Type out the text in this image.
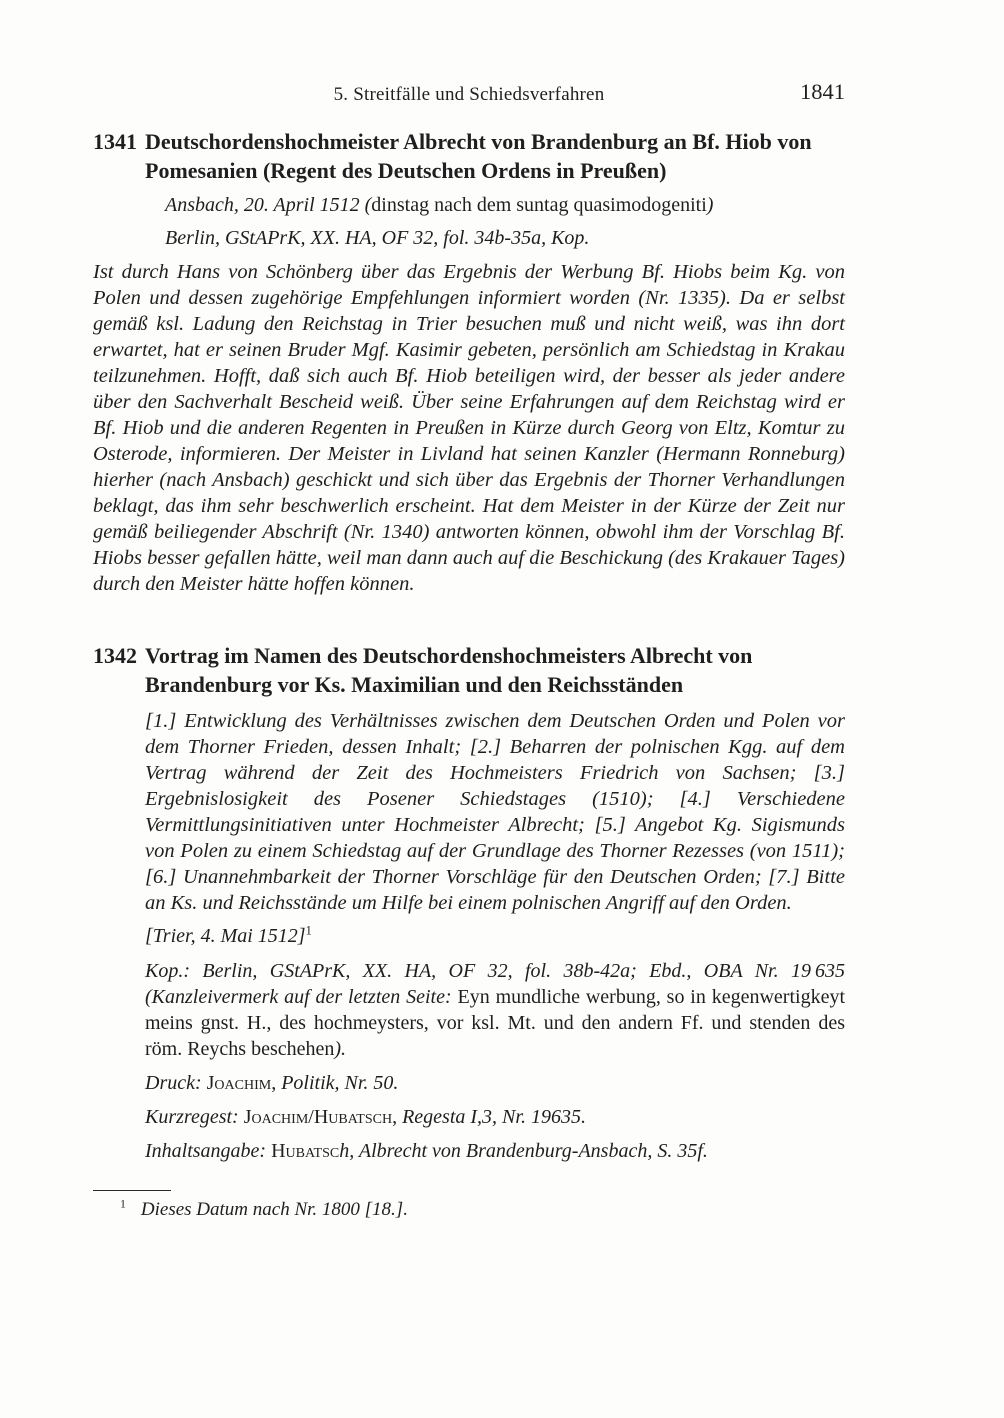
5. Streitfälle und Schiedsverfahren	1841
1341 Deutschordenshochmeister Albrecht von Brandenburg an Bf. Hiob von Pomesanien (Regent des Deutschen Ordens in Preußen)

Ansbach, 20. April 1512 (dinstag nach dem suntag quasimodogeniti)

Berlin, GStAPrK, XX. HA, OF 32, fol. 34b-35a, Kop.

Ist durch Hans von Schönberg über das Ergebnis der Werbung Bf. Hiobs beim Kg. von Polen und dessen zugehörige Empfehlungen informiert worden (Nr. 1335). Da er selbst gemäß ksl. Ladung den Reichstag in Trier besuchen muß und nicht weiß, was ihn dort erwartet, hat er seinen Bruder Mgf. Kasimir gebeten, persönlich am Schiedstag in Krakau teilzunehmen. Hofft, daß sich auch Bf. Hiob beteiligen wird, der besser als jeder andere über den Sachverhalt Bescheid weiß. Über seine Erfahrungen auf dem Reichstag wird er Bf. Hiob und die anderen Regenten in Preußen in Kürze durch Georg von Eltz, Komtur zu Osterode, informieren. Der Meister in Livland hat seinen Kanzler (Hermann Ronneburg) hierher (nach Ansbach) geschickt und sich über das Ergebnis der Thorner Verhandlungen beklagt, das ihm sehr beschwerlich erscheint. Hat dem Meister in der Kürze der Zeit nur gemäß beiliegender Abschrift (Nr. 1340) antworten können, obwohl ihm der Vorschlag Bf. Hiobs besser gefallen hätte, weil man dann auch auf die Beschickung (des Krakauer Tages) durch den Meister hätte hoffen können.

1342 Vortrag im Namen des Deutschordenshochmeisters Albrecht von Brandenburg vor Ks. Maximilian und den Reichsständen

[1.] Entwicklung des Verhältnisses zwischen dem Deutschen Orden und Polen vor dem Thorner Frieden, dessen Inhalt; [2.] Beharren der polnischen Kgg. auf dem Vertrag während der Zeit des Hochmeisters Friedrich von Sachsen; [3.] Ergebnislosigkeit des Posener Schiedstages (1510); [4.] Verschiedene Vermittlungsinitiativen unter Hochmeister Albrecht; [5.] Angebot Kg. Sigismunds von Polen zu einem Schiedstag auf der Grundlage des Thorner Rezesses (von 1511); [6.] Unannehmbarkeit der Thorner Vorschläge für den Deutschen Orden; [7.] Bitte an Ks. und Reichsstände um Hilfe bei einem polnischen Angriff auf den Orden.

[Trier, 4. Mai 1512]$^1$

Kop.: Berlin, GStAPrK, XX. HA, OF 32, fol. 38b-42a; Ebd., OBA Nr. 19 635 (Kanzleivermerk auf der letzten Seite: Eyn mundliche werbung, so in kegenwertigkeyt meins gnst. H., des hochmeysters, vor ksl. Mt. und den andern Ff. und stenden des röm. Reychs beschehen).

Druck: Joachim, Politik, Nr. 50.

Kurzregest: Joachim/Hubatsch, Regesta I,3, Nr. 19635.

Inhaltsangabe: Hubatsch, Albrecht von Brandenburg-Ansbach, S. 35f.

$^1$ Dieses Datum nach Nr. 1800 [18.].
